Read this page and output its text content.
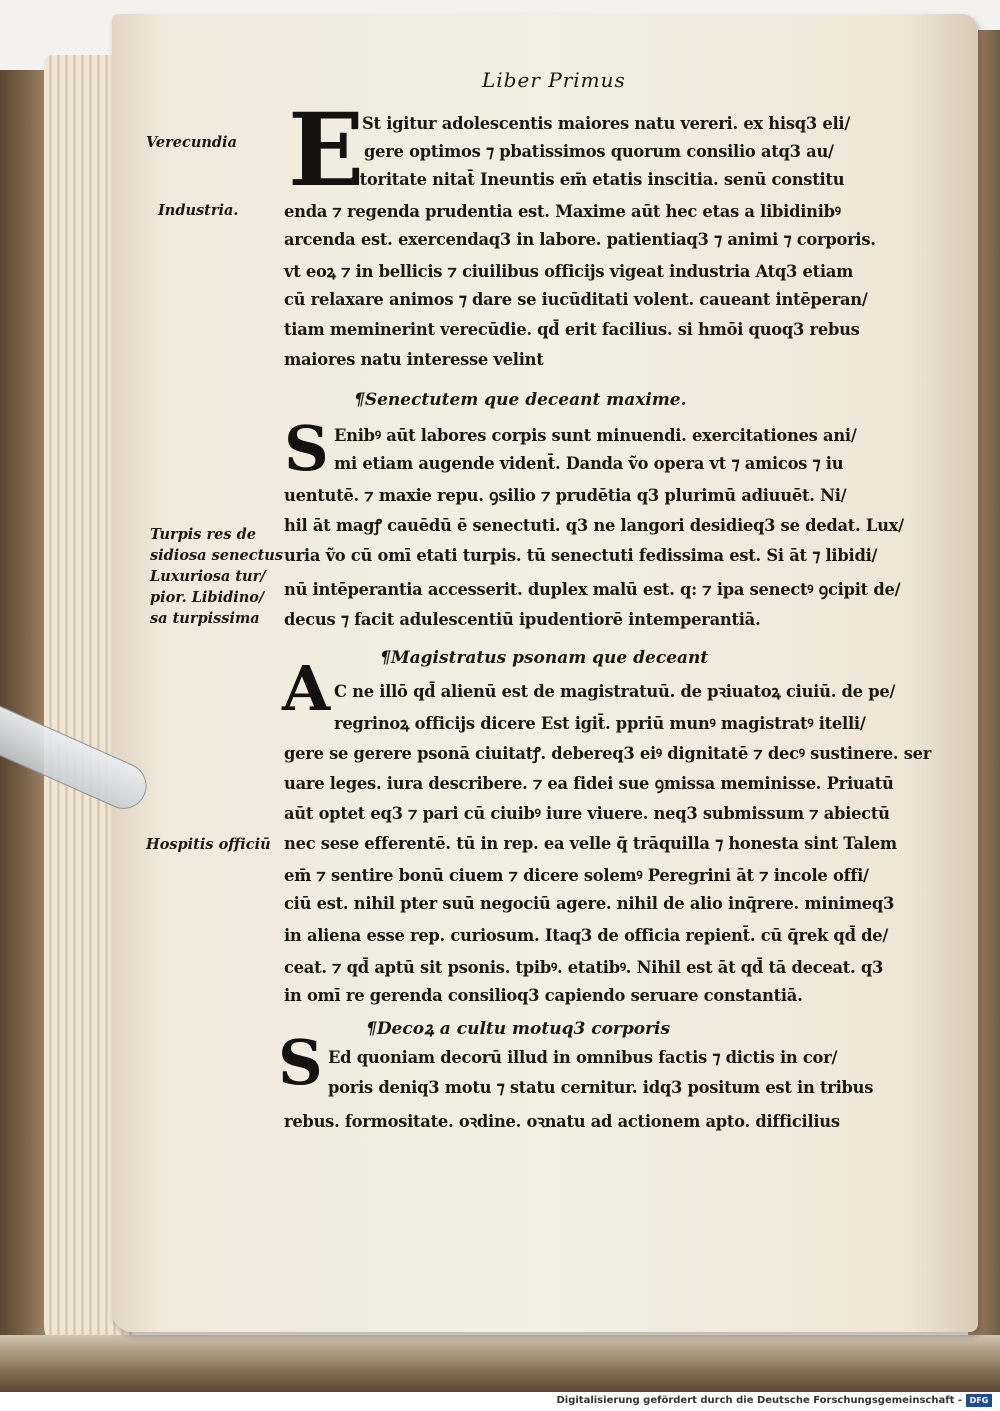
Liber Primus
Verecundia
Industria.
Turpis res de
sidiosa senectus
Luxuriosa tur/
pior. Libidino/
sa turpissima
Hospitis officiū
E
S
A
S
St igitur adolescentis maiores natu vereri. ex hisq3 eli/
gere optimos ⁊ pbatissimos quorum consilio atq3 au/
ctoritate nitat̄ Ineuntis em̄ etatis inscitia. senū constitu
enda ⁊ regenda prudentia est. Maxime aūt hec etas a libidinibꝰ
arcenda est. exercendaq3 in labore. patientiaq3 ⁊ animi ⁊ corporis.
vt eoꝝ ⁊ in bellicis ⁊ ciuilibus officijs vigeat industria Atq3 etiam
cū relaxare animos ⁊ dare se iucūditati volent. caueant intēperan/
tiam meminerint verecūdie. qd̄ erit facilius. si hmōi quoq3 rebus
maiores natu interesse velint
¶Senectutem que deceant maxime.
Enibꝰ aūt labores corpis sunt minuendi. exercitationes ani/
mi etiam augende vident̄. Danda ṽo opera vt ⁊ amicos ⁊ iu
uentutē. ⁊ maxie repu. ꝯsilio ⁊ prudētia q3 plurimū adiuuēt. Ni/
hil āt magꝭ cauēdū ē senectuti. q3 ne langori desidieq3 se dedat. Lux/
uria ṽo cū omī etati turpis. tū senectuti fedissima est. Si āt ⁊ libidi/
nū intēperantia accesserit. duplex malū est. q: ⁊ ipa senectꝰ ꝯcipit de/
decus ⁊ facit adulescentiū ipudentiorē intemperantiā.
¶Magistratus psonam que deceant
C ne illō qd̄ alienū est de magistratuū. de pꝛiuatoꝝ ciuiū. de pe/
regrinoꝝ officijs dicere Est igit̄. ppriū munꝰ magistratꝰ itelli/
gere se gerere psonā ciuitatꝭ. debereq3 eiꝰ dignitatē ⁊ decꝰ sustinere. ser
uare leges. iura describere. ⁊ ea fidei sue ꝯmissa meminisse. Priuatū
aūt optet eq3 ⁊ pari cū ciuibꝰ iure viuere. neq3 submissum ⁊ abiectū
nec sese efferentē. tū in rep. ea velle q̄ trāquilla ⁊ honesta sint Talem
em̄ ⁊ sentire bonū ciuem ⁊ dicere solemꝰ Peregrini āt ⁊ incole offi/
ciū est. nihil pter suū negociū agere. nihil de alio inq̄rere. minimeq3
in aliena esse rep. curiosum. Itaq3 de officia repient̄. cū q̄rek qd̄ de/
ceat. ⁊ qd̄ aptū sit psonis. tpibꝰ. etatibꝰ. Nihil est āt qd̄ tā deceat. q3
in omī re gerenda consilioq3 capiendo seruare constantiā.
¶Decoꝝ a cultu motuq3 corporis
Ed quoniam decorū illud in omnibus factis ⁊ dictis in cor/
poris deniq3 motu ⁊ statu cernitur. idq3 positum est in tribus
rebus. formositate. oꝛdine. oꝛnatu ad actionem apto. difficilius
Digitalisierung gefördert durch die Deutsche Forschungsgemeinschaft - DFG
